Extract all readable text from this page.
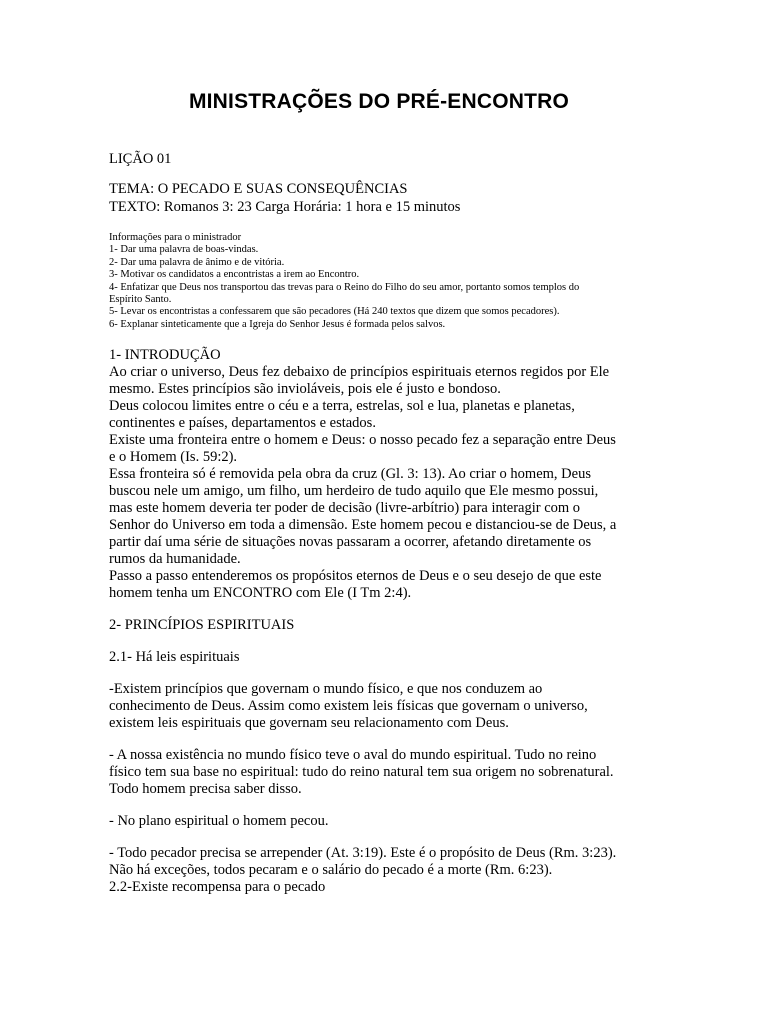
MINISTRAÇÕES DO PRÉ-ENCONTRO
LIÇÃO 01
TEMA: O PECADO E SUAS CONSEQUÊNCIAS
TEXTO: Romanos 3: 23 Carga Horária: 1 hora e 15 minutos
Informações para o ministrador
1- Dar uma palavra de boas-vindas.
2- Dar uma palavra de ânimo e de vitória.
3- Motivar os candidatos a encontristas a irem ao Encontro.
4- Enfatizar que Deus nos transportou das trevas para o Reino do Filho do seu amor, portanto somos templos do
Espírito Santo.
5- Levar os encontristas a confessarem que são pecadores (Há 240 textos que dizem que somos pecadores).
6- Explanar sinteticamente que a Igreja do Senhor Jesus é formada pelos salvos.
1- INTRODUÇÃO
Ao criar o universo, Deus fez debaixo de princípios espirituais eternos regidos por Ele
mesmo. Estes princípios são invioláveis, pois ele é justo e bondoso.
Deus colocou limites entre o céu e a terra, estrelas, sol e lua, planetas e planetas,
continentes e países, departamentos e estados.
Existe uma fronteira entre o homem e Deus: o nosso pecado fez a separação entre Deus
e o Homem (Is. 59:2).
Essa fronteira só é removida pela obra da cruz (Gl. 3: 13). Ao criar o homem, Deus
buscou nele um amigo, um filho, um herdeiro de tudo aquilo que Ele mesmo possui,
mas este homem deveria ter poder de decisão (livre-arbítrio) para interagir com o
Senhor do Universo em toda a dimensão. Este homem pecou e distanciou-se de Deus, a
partir daí uma série de situações novas passaram a ocorrer, afetando diretamente os
rumos da humanidade.
Passo a passo entenderemos os propósitos eternos de Deus e o seu desejo de que este
homem tenha um ENCONTRO com Ele (I Tm 2:4).
2- PRINCÍPIOS ESPIRITUAIS
2.1- Há leis espirituais
-Existem princípios que governam o mundo físico, e que nos conduzem ao
conhecimento de Deus. Assim como existem leis físicas que governam o universo,
existem leis espirituais que governam seu relacionamento com Deus.
- A nossa existência no mundo físico teve o aval do mundo espiritual. Tudo no reino
físico tem sua base no espiritual: tudo do reino natural tem sua origem no sobrenatural.
Todo homem precisa saber disso.
- No plano espiritual o homem pecou.
- Todo pecador precisa se arrepender (At. 3:19). Este é o propósito de Deus (Rm. 3:23).
Não há exceções, todos pecaram e o salário do pecado é a morte (Rm. 6:23).
2.2-Existe recompensa para o pecado
